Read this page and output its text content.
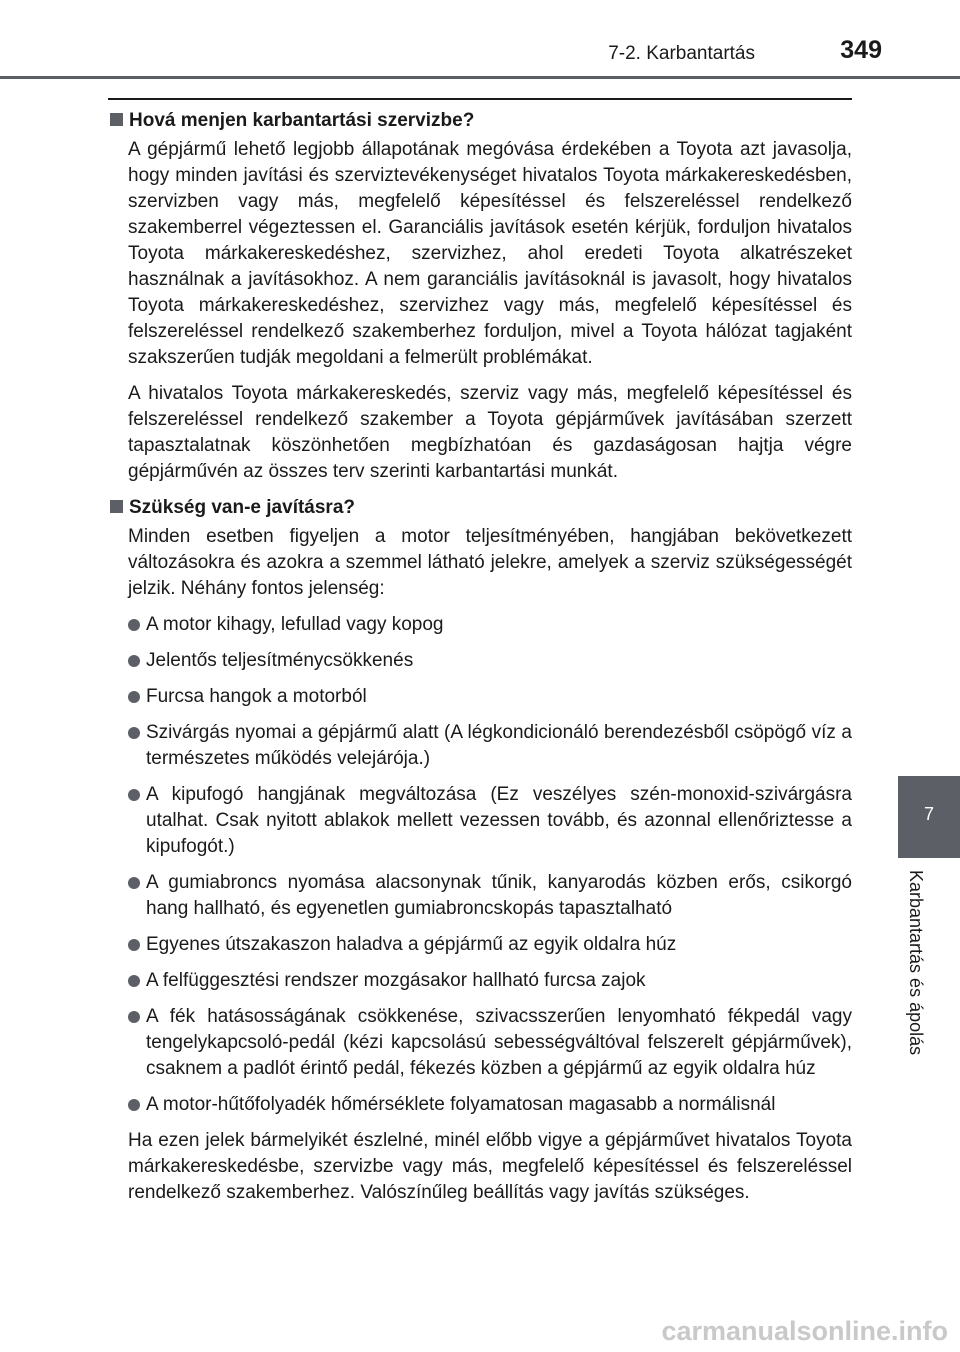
7-2. Karbantartás	349
Hová menjen karbantartási szervizbe?

A gépjármű lehető legjobb állapotának megóvása érdekében a Toyota azt javasolja, hogy minden javítási és szerviztevékenységet hivatalos Toyota márkakereskedésben, szervizben vagy más, megfelelő képesítéssel és felszereléssel rendelkező szakemberrel végeztessen el. Garanciális javítások esetén kérjük, forduljon hivatalos Toyota márkakereskedéshez, szervizhez, ahol eredeti Toyota alkatrészeket használnak a javításokhoz. A nem garanciális javításoknál is javasolt, hogy hivatalos Toyota márkakereskedéshez, szervizhez vagy más, megfelelő képesítéssel és felszereléssel rendelkező szakemberhez forduljon, mivel a Toyota hálózat tagjaként szakszerűen tudják megoldani a felmerült problémákat.

A hivatalos Toyota márkakereskedés, szerviz vagy más, megfelelő képesítéssel és felszereléssel rendelkező szakember a Toyota gépjárművek javításában szerzett tapasztalatnak köszönhetően megbízhatóan és gazdaságosan hajtja végre gépjárművén az összes terv szerinti karbantartási munkát.

Szükség van-e javításra?

Minden esetben figyeljen a motor teljesítményében, hangjában bekövetkezett változásokra és azokra a szemmel látható jelekre, amelyek a szerviz szükségességét jelzik. Néhány fontos jelenség:

A motor kihagy, lefullad vagy kopog
Jelentős teljesítménycsökkenés
Furcsa hangok a motorból
Szivárgás nyomai a gépjármű alatt (A légkondicionáló berendezésből csöpögő víz a természetes működés velejárója.)
A kipufogó hangjának megváltozása (Ez veszélyes szén-monoxid-szivárgásra utalhat. Csak nyitott ablakok mellett vezessen tovább, és azonnal ellenőriztesse a kipufogót.)
A gumiabroncs nyomása alacsonynak tűnik, kanyarodás közben erős, csikorgó hang hallható, és egyenetlen gumiabroncskopás tapasztalható
Egyenes útszakaszon haladva a gépjármű az egyik oldalra húz
A felfüggesztési rendszer mozgásakor hallható furcsa zajok
A fék hatásosságának csökkenése, szivacsszerűen lenyomható fékpedál vagy tengelykapcsoló-pedál (kézi kapcsolású sebességváltóval felszerelt gépjárművek), csaknem a padlót érintő pedál, fékezés közben a gépjármű az egyik oldalra húz
A motor-hűtőfolyadék hőmérséklete folyamatosan magasabb a normálisnál

Ha ezen jelek bármelyikét észlelné, minél előbb vigye a gépjárművet hivatalos Toyota márkakereskedésbe, szervizbe vagy más, megfelelő képesítéssel és felszereléssel rendelkező szakemberhez. Valószínűleg beállítás vagy javítás szükséges.

7
Karbantartás és ápolás
carmanualsonline.info
